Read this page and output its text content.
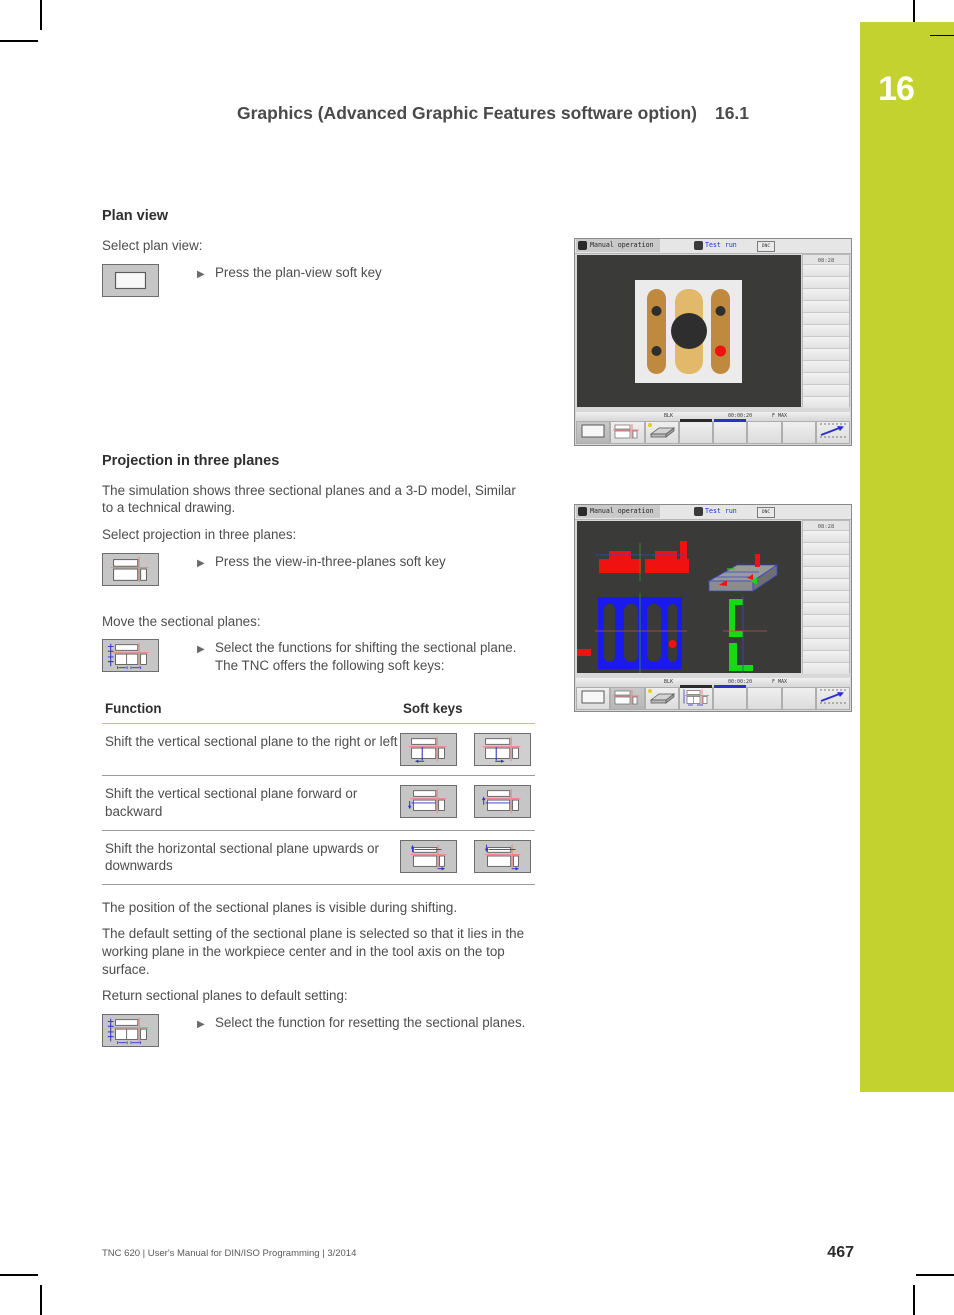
16
Graphics (Advanced Graphic Features software option) 16.1
Plan view

Select plan view:

▶ Press the plan-view soft key
Projection in three planes

The simulation shows three sectional planes and a 3-D model, Similar to a technical drawing.

Select projection in three planes:

▶ Press the view-in-three-planes soft key

Move the sectional planes:

▶ Select the functions for shifting the sectional plane. The TNC offers the following soft keys:
Function	Soft keys
Shift the vertical sectional plane to the right or left	

Shift the vertical sectional plane forward or backward	

Shift the horizontal sectional plane upwards or downwards	

The position of the sectional planes is visible during shifting.

The default setting of the sectional plane is selected so that it lies in the working plane in the workpiece center and in the tool axis on the top surface.

Return sectional planes to default setting:

▶ Select the function for resetting the sectional planes.
Manual operation	Test run	DNC
08:28
BLK	00:00:20	F MAX
Manual operation	Test run	DNC
08:28
BLK	00:00:20	F MAX
TNC 620 | User's Manual for DIN/ISO Programming | 3/2014	467
